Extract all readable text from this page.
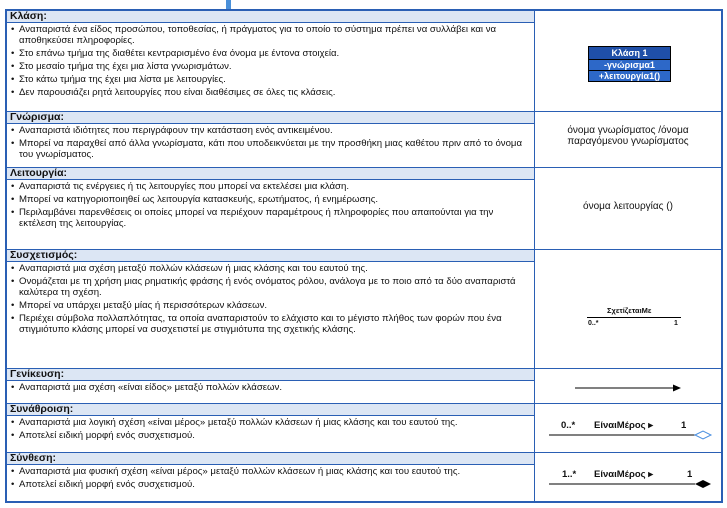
Κλάση:
• Αναπαριστά ένα είδος προσώπου, τοποθεσίας, ή πράγματος για το οποίο το σύστημα πρέπει να συλλάβει και να αποθηκεύσει πληροφορίες.
• Στο επάνω τμήμα της διαθέτει κεντραρισμένο ένα όνομα με έντονα στοιχεία.
• Στο μεσαίο τμήμα της έχει μια λίστα γνωρισμάτων.
• Στο κάτω τμήμα της έχει μια λίστα με λειτουργίες.
• Δεν παρουσιάζει ρητά λειτουργίες που είναι διαθέσιμες σε όλες τις κλάσεις.
Κλάση 1
-γνώρισμα1
+λειτουργία1()
Γνώρισμα:
• Αναπαριστά ιδιότητες που περιγράφουν την κατάσταση ενός αντικειμένου.
• Μπορεί να παραχθεί από άλλα γνωρίσματα, κάτι που υποδεικνύεται με την προσθήκη μιας καθέτου πριν από το όνομα του γνωρίσματος.
όνομα γνωρίσματος /όνομα παραγόμενου γνωρίσματος
Λειτουργία:
• Αναπαριστά τις ενέργειες ή τις λειτουργίες που μπορεί να εκτελέσει μια κλάση.
• Μπορεί να κατηγοριοποιηθεί ως λειτουργία κατασκευής, ερωτήματος, ή ενημέρωσης.
• Περιλαμβάνει παρενθέσεις οι οποίες μπορεί να περιέχουν παραμέτρους ή πληροφορίες που απαιτούνται για την εκτέλεση της λειτουργίας.
όνομα λειτουργίας ()
Συσχετισμός:
• Αναπαριστά μια σχέση μεταξύ πολλών κλάσεων ή μιας κλάσης και του εαυτού της.
• Ονομάζεται με τη χρήση μιας ρηματικής φράσης ή ενός ονόματος ρόλου, ανάλογα με το ποιο από τα δύο αναπαριστά καλύτερα τη σχέση.
• Μπορεί να υπάρχει μεταξύ μίας ή περισσότερων κλάσεων.
• Περιέχει σύμβολα πολλαπλότητας, τα οποία αναπαριστούν το ελάχιστο και το μέγιστο πλήθος των φορών που ένα στιγμιότυπο κλάσης μπορεί να συσχετιστεί με στιγμιότυπα της σχετικής κλάσης.
ΣχετίζεταιΜε
0..*	1
Γενίκευση:
• Αναπαριστά μια σχέση «είναι είδος» μεταξύ πολλών κλάσεων.
Συνάθροιση:
• Αναπαριστά μια λογική σχέση «είναι μέρος» μεταξύ πολλών κλάσεων ή μιας κλάσης και του εαυτού της.
• Αποτελεί ειδική μορφή ενός συσχετισμού.
0..* ΕίναιΜέρος ▸	1
Σύνθεση:
• Αναπαριστά μια φυσική σχέση «είναι μέρος» μεταξύ πολλών κλάσεων ή μιας κλάσης και του εαυτού της.
• Αποτελεί ειδική μορφή ενός συσχετισμού.
1..* ΕίναιΜέρος ▸	1
